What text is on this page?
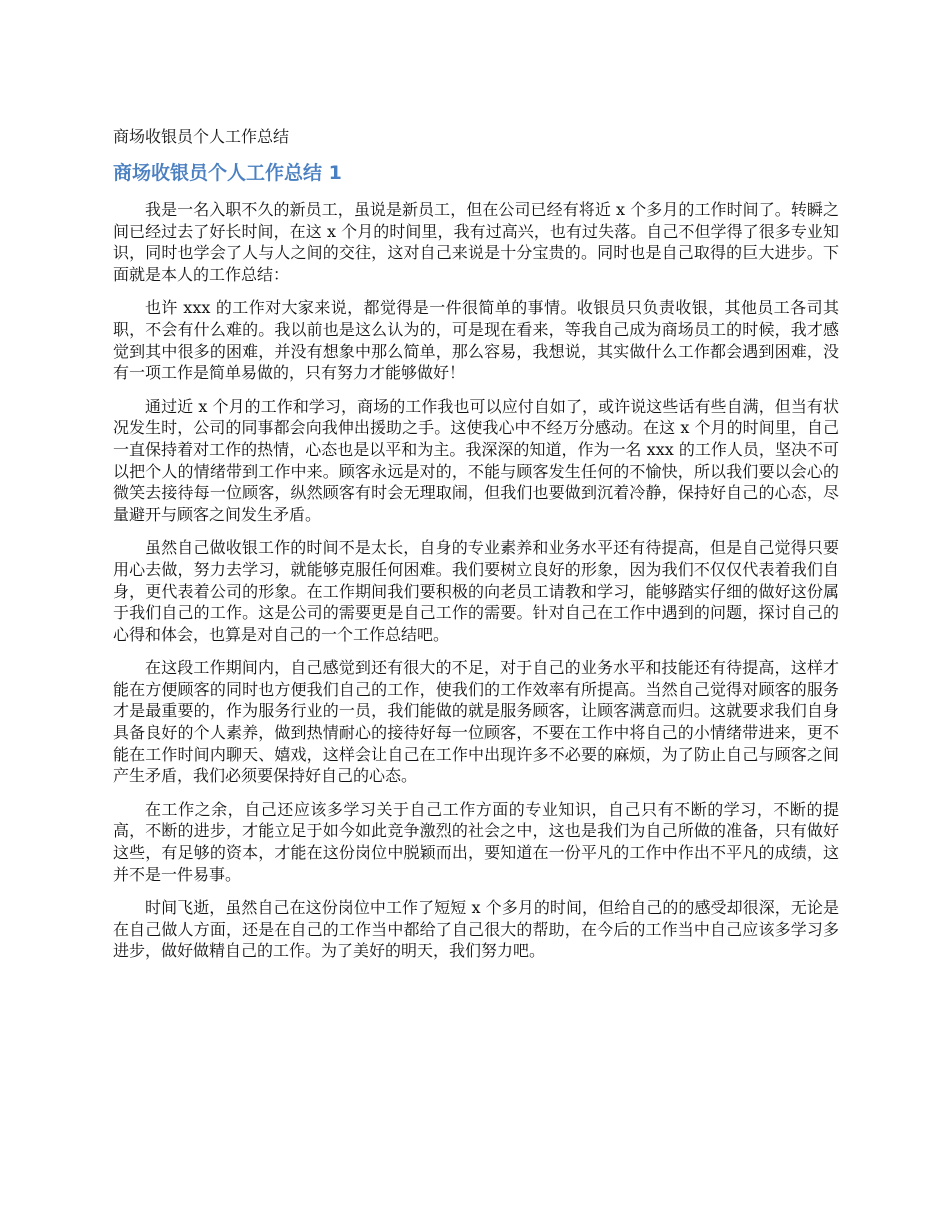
商场收银员个人工作总结
商场收银员个人工作总结 1

我是一名入职不久的新员工，虽说是新员工，但在公司已经有将近 x 个多月的工作时间了。转瞬之间已经过去了好长时间，在这 x 个月的时间里，我有过高兴，也有过失落。自己不但学得了很多专业知识，同时也学会了人与人之间的交往，这对自己来说是十分宝贵的。同时也是自己取得的巨大进步。下面就是本人的工作总结：

也许 xxx 的工作对大家来说，都觉得是一件很简单的事情。收银员只负责收银，其他员工各司其职，不会有什么难的。我以前也是这么认为的，可是现在看来，等我自己成为商场员工的时候，我才感觉到其中很多的困难，并没有想象中那么简单，那么容易，我想说，其实做什么工作都会遇到困难，没有一项工作是简单易做的，只有努力才能够做好！

通过近 x 个月的工作和学习，商场的工作我也可以应付自如了，或许说这些话有些自满，但当有状况发生时，公司的同事都会向我伸出援助之手。这使我心中不经万分感动。在这 x 个月的时间里，自己一直保持着对工作的热情，心态也是以平和为主。我深深的知道，作为一名 xxx 的工作人员，坚决不可以把个人的情绪带到工作中来。顾客永远是对的，不能与顾客发生任何的不愉快，所以我们要以会心的微笑去接待每一位顾客，纵然顾客有时会无理取闹，但我们也要做到沉着冷静，保持好自己的心态，尽量避开与顾客之间发生矛盾。

虽然自己做收银工作的时间不是太长，自身的专业素养和业务水平还有待提高，但是自己觉得只要用心去做，努力去学习，就能够克服任何困难。我们要树立良好的形象，因为我们不仅仅代表着我们自身，更代表着公司的形象。在工作期间我们要积极的向老员工请教和学习，能够踏实仔细的做好这份属于我们自己的工作。这是公司的需要更是自己工作的需要。针对自己在工作中遇到的问题，探讨自己的心得和体会，也算是对自己的一个工作总结吧。

在这段工作期间内，自己感觉到还有很大的不足，对于自己的业务水平和技能还有待提高，这样才能在方便顾客的同时也方便我们自己的工作，使我们的工作效率有所提高。当然自己觉得对顾客的服务才是最重要的，作为服务行业的一员，我们能做的就是服务顾客，让顾客满意而归。这就要求我们自身具备良好的个人素养，做到热情耐心的接待好每一位顾客，不要在工作中将自己的小情绪带进来，更不能在工作时间内聊天、嬉戏，这样会让自己在工作中出现许多不必要的麻烦，为了防止自己与顾客之间产生矛盾，我们必须要保持好自己的心态。

在工作之余，自己还应该多学习关于自己工作方面的专业知识，自己只有不断的学习，不断的提高，不断的进步，才能立足于如今如此竞争激烈的社会之中，这也是我们为自己所做的准备，只有做好这些，有足够的资本，才能在这份岗位中脱颖而出，要知道在一份平凡的工作中作出不平凡的成绩，这并不是一件易事。

时间飞逝，虽然自己在这份岗位中工作了短短 x 个多月的时间，但给自己的的感受却很深，无论是在自己做人方面，还是在自己的工作当中都给了自己很大的帮助，在今后的工作当中自己应该多学习多进步，做好做精自己的工作。为了美好的明天，我们努力吧。
